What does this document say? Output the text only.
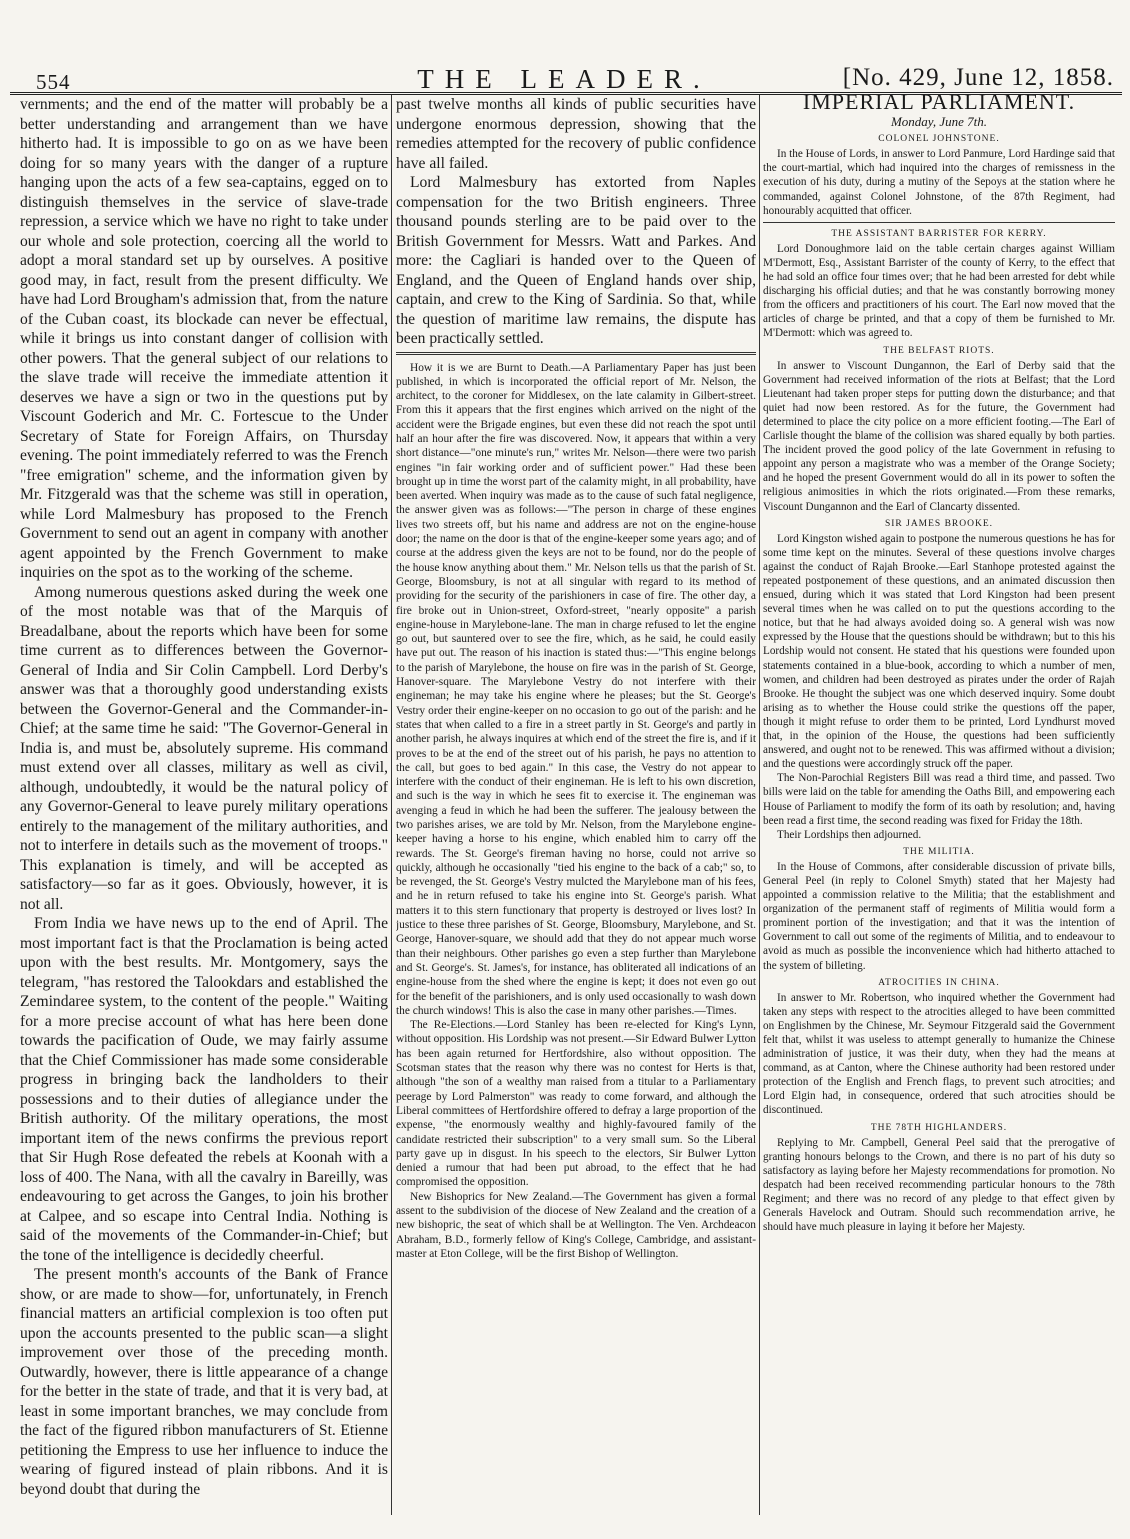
554	THE LEADER.	[No. 429, June 12, 1858.

vernments; and the end of the matter will probably be a better understanding and arrangement than we have hitherto had. It is impossible to go on as we have been doing for so many years with the danger of a rupture hanging upon the acts of a few sea-captains, egged on to distinguish themselves in the service of slave-trade repression, a service which we have no right to take under our whole and sole protection, coercing all the world to adopt a moral standard set up by ourselves. A positive good may, in fact, result from the present difficulty. We have had Lord Brougham's admission that, from the nature of the Cuban coast, its blockade can never be effectual, while it brings us into constant danger of collision with other powers. That the general subject of our relations to the slave trade will receive the immediate attention it deserves we have a sign or two in the questions put by Viscount Goderich and Mr. C. Fortescue to the Under Secretary of State for Foreign Affairs, on Thursday evening. The point immediately referred to was the French "free emigration" scheme, and the information given by Mr. Fitzgerald was that the scheme was still in operation, while Lord Malmesbury has proposed to the French Government to send out an agent in company with another agent appointed by the French Government to make inquiries on the spot as to the working of the scheme.

Among numerous questions asked during the week one of the most notable was that of the Marquis of Breadalbane, about the reports which have been for some time current as to differences between the Governor-General of India and Sir Colin Campbell. Lord Derby's answer was that a thoroughly good understanding exists between the Governor-General and the Commander-in-Chief; at the same time he said: "The Governor-General in India is, and must be, absolutely supreme. His command must extend over all classes, military as well as civil, although, undoubtedly, it would be the natural policy of any Governor-General to leave purely military operations entirely to the management of the military authorities, and not to interfere in details such as the movement of troops." This explanation is timely, and will be accepted as satisfactory—so far as it goes. Obviously, however, it is not all.

From India we have news up to the end of April. The most important fact is that the Proclamation is being acted upon with the best results. Mr. Montgomery, says the telegram, "has restored the Talookdars and established the Zemindaree system, to the content of the people." Waiting for a more precise account of what has here been done towards the pacification of Oude, we may fairly assume that the Chief Commissioner has made some considerable progress in bringing back the landholders to their possessions and to their duties of allegiance under the British authority. Of the military operations, the most important item of the news confirms the previous report that Sir Hugh Rose defeated the rebels at Koonah with a loss of 400. The Nana, with all the cavalry in Bareilly, was endeavouring to get across the Ganges, to join his brother at Calpee, and so escape into Central India. Nothing is said of the movements of the Commander-in-Chief; but the tone of the intelligence is decidedly cheerful.

The present month's accounts of the Bank of France show, or are made to show—for, unfortunately, in French financial matters an artificial complexion is too often put upon the accounts presented to the public scan—a slight improvement over those of the preceding month. Outwardly, however, there is little appearance of a change for the better in the state of trade, and that it is very bad, at least in some important branches, we may conclude from the fact of the figured ribbon manufacturers of St. Etienne petitioning the Empress to use her influence to induce the wearing of figured instead of plain ribbons. And it is beyond doubt that during the

past twelve months all kinds of public securities have undergone enormous depression, showing that the remedies attempted for the recovery of public confidence have all failed.

Lord Malmesbury has extorted from Naples compensation for the two British engineers. Three thousand pounds sterling are to be paid over to the British Government for Messrs. Watt and Parkes. And more: the Cagliari is handed over to the Queen of England, and the Queen of England hands over ship, captain, and crew to the King of Sardinia. So that, while the question of maritime law remains, the dispute has been practically settled.

How it is we are Burnt to Death.—A Parliamentary Paper has just been published, in which is incorporated the official report of Mr. Nelson, the architect, to the coroner for Middlesex, on the late calamity in Gilbert-street. From this it appears that the first engines which arrived on the night of the accident were the Brigade engines, but even these did not reach the spot until half an hour after the fire was discovered. Now, it appears that within a very short distance—"one minute's run," writes Mr. Nelson—there were two parish engines "in fair working order and of sufficient power." Had these been brought up in time the worst part of the calamity might, in all probability, have been averted. When inquiry was made as to the cause of such fatal negligence, the answer given was as follows:—"The person in charge of these engines lives two streets off, but his name and address are not on the engine-house door; the name on the door is that of the engine-keeper some years ago; and of course at the address given the keys are not to be found, nor do the people of the house know anything about them." Mr. Nelson tells us that the parish of St. George, Bloomsbury, is not at all singular with regard to its method of providing for the security of the parishioners in case of fire. The other day, a fire broke out in Union-street, Oxford-street, "nearly opposite" a parish engine-house in Marylebone-lane. The man in charge refused to let the engine go out, but sauntered over to see the fire, which, as he said, he could easily have put out. The reason of his inaction is stated thus:—"This engine belongs to the parish of Marylebone, the house on fire was in the parish of St. George, Hanover-square. The Marylebone Vestry do not interfere with their engineman; he may take his engine where he pleases; but the St. George's Vestry order their engine-keeper on no occasion to go out of the parish: and he states that when called to a fire in a street partly in St. George's and partly in another parish, he always inquires at which end of the street the fire is, and if it proves to be at the end of the street out of his parish, he pays no attention to the call, but goes to bed again." In this case, the Vestry do not appear to interfere with the conduct of their engineman. He is left to his own discretion, and such is the way in which he sees fit to exercise it. The engineman was avenging a feud in which he had been the sufferer. The jealousy between the two parishes arises, we are told by Mr. Nelson, from the Marylebone engine-keeper having a horse to his engine, which enabled him to carry off the rewards. The St. George's fireman having no horse, could not arrive so quickly, although he occasionally "tied his engine to the back of a cab;" so, to be revenged, the St. George's Vestry mulcted the Marylebone man of his fees, and he in return refused to take his engine into St. George's parish. What matters it to this stern functionary that property is destroyed or lives lost? In justice to these three parishes of St. George, Bloomsbury, Marylebone, and St. George, Hanover-square, we should add that they do not appear much worse than their neighbours. Other parishes go even a step further than Marylebone and St. George's. St. James's, for instance, has obliterated all indications of an engine-house from the shed where the engine is kept; it does not even go out for the benefit of the parishioners, and is only used occasionally to wash down the church windows! This is also the case in many other parishes.—Times.

The Re-Elections.—Lord Stanley has been re-elected for King's Lynn, without opposition. His Lordship was not present.—Sir Edward Bulwer Lytton has been again returned for Hertfordshire, also without opposition. The Scotsman states that the reason why there was no contest for Herts is that, although "the son of a wealthy man raised from a titular to a Parliamentary peerage by Lord Palmerston" was ready to come forward, and although the Liberal committees of Hertfordshire offered to defray a large proportion of the expense, "the enormously wealthy and highly-favoured family of the candidate restricted their subscription" to a very small sum. So the Liberal party gave up in disgust. In his speech to the electors, Sir Bulwer Lytton denied a rumour that had been put abroad, to the effect that he had compromised the opposition.

New Bishoprics for New Zealand.—The Government has given a formal assent to the subdivision of the diocese of New Zealand and the creation of a new bishopric, the seat of which shall be at Wellington. The Ven. Archdeacon Abraham, B.D., formerly fellow of King's College, Cambridge, and assistant-master at Eton College, will be the first Bishop of Wellington.

IMPERIAL PARLIAMENT.
Monday, June 7th.
COLONEL JOHNSTONE.

In the House of Lords, in answer to Lord Panmure, Lord Hardinge said that the court-martial, which had inquired into the charges of remissness in the execution of his duty, during a mutiny of the Sepoys at the station where he commanded, against Colonel Johnstone, of the 87th Regiment, had honourably acquitted that officer.

THE ASSISTANT BARRISTER FOR KERRY.

Lord Donoughmore laid on the table certain charges against William M'Dermott, Esq., Assistant Barrister of the county of Kerry, to the effect that he had sold an office four times over; that he had been arrested for debt while discharging his official duties; and that he was constantly borrowing money from the officers and practitioners of his court. The Earl now moved that the articles of charge be printed, and that a copy of them be furnished to Mr. M'Dermott: which was agreed to.

THE BELFAST RIOTS.

In answer to Viscount Dungannon, the Earl of Derby said that the Government had received information of the riots at Belfast; that the Lord Lieutenant had taken proper steps for putting down the disturbance; and that quiet had now been restored. As for the future, the Government had determined to place the city police on a more efficient footing.—The Earl of Carlisle thought the blame of the collision was shared equally by both parties. The incident proved the good policy of the late Government in refusing to appoint any person a magistrate who was a member of the Orange Society; and he hoped the present Government would do all in its power to soften the religious animosities in which the riots originated.—From these remarks, Viscount Dungannon and the Earl of Clancarty dissented.

SIR JAMES BROOKE.

Lord Kingston wished again to postpone the numerous questions he has for some time kept on the minutes. Several of these questions involve charges against the conduct of Rajah Brooke.—Earl Stanhope protested against the repeated postponement of these questions, and an animated discussion then ensued, during which it was stated that Lord Kingston had been present several times when he was called on to put the questions according to the notice, but that he had always avoided doing so. A general wish was now expressed by the House that the questions should be withdrawn; but to this his Lordship would not consent. He stated that his questions were founded upon statements contained in a blue-book, according to which a number of men, women, and children had been destroyed as pirates under the order of Rajah Brooke. He thought the subject was one which deserved inquiry. Some doubt arising as to whether the House could strike the questions off the paper, though it might refuse to order them to be printed, Lord Lyndhurst moved that, in the opinion of the House, the questions had been sufficiently answered, and ought not to be renewed. This was affirmed without a division; and the questions were accordingly struck off the paper.

The Non-Parochial Registers Bill was read a third time, and passed. Two bills were laid on the table for amending the Oaths Bill, and empowering each House of Parliament to modify the form of its oath by resolution; and, having been read a first time, the second reading was fixed for Friday the 18th.

Their Lordships then adjourned.

THE MILITIA.

In the House of Commons, after considerable discussion of private bills, General Peel (in reply to Colonel Smyth) stated that her Majesty had appointed a commission relative to the Militia; that the establishment and organization of the permanent staff of regiments of Militia would form a prominent portion of the investigation; and that it was the intention of Government to call out some of the regiments of Militia, and to endeavour to avoid as much as possible the inconvenience which had hitherto attached to the system of billeting.

ATROCITIES IN CHINA.

In answer to Mr. Robertson, who inquired whether the Government had taken any steps with respect to the atrocities alleged to have been committed on Englishmen by the Chinese, Mr. Seymour Fitzgerald said the Government felt that, whilst it was useless to attempt generally to humanize the Chinese administration of justice, it was their duty, when they had the means at command, as at Canton, where the Chinese authority had been restored under protection of the English and French flags, to prevent such atrocities; and Lord Elgin had, in consequence, ordered that such atrocities should be discontinued.

THE 78TH HIGHLANDERS.

Replying to Mr. Campbell, General Peel said that the prerogative of granting honours belongs to the Crown, and there is no part of his duty so satisfactory as laying before her Majesty recommendations for promotion. No despatch had been received recommending particular honours to the 78th Regiment; and there was no record of any pledge to that effect given by Generals Havelock and Outram. Should such recommendation arrive, he should have much pleasure in laying it before her Majesty.
